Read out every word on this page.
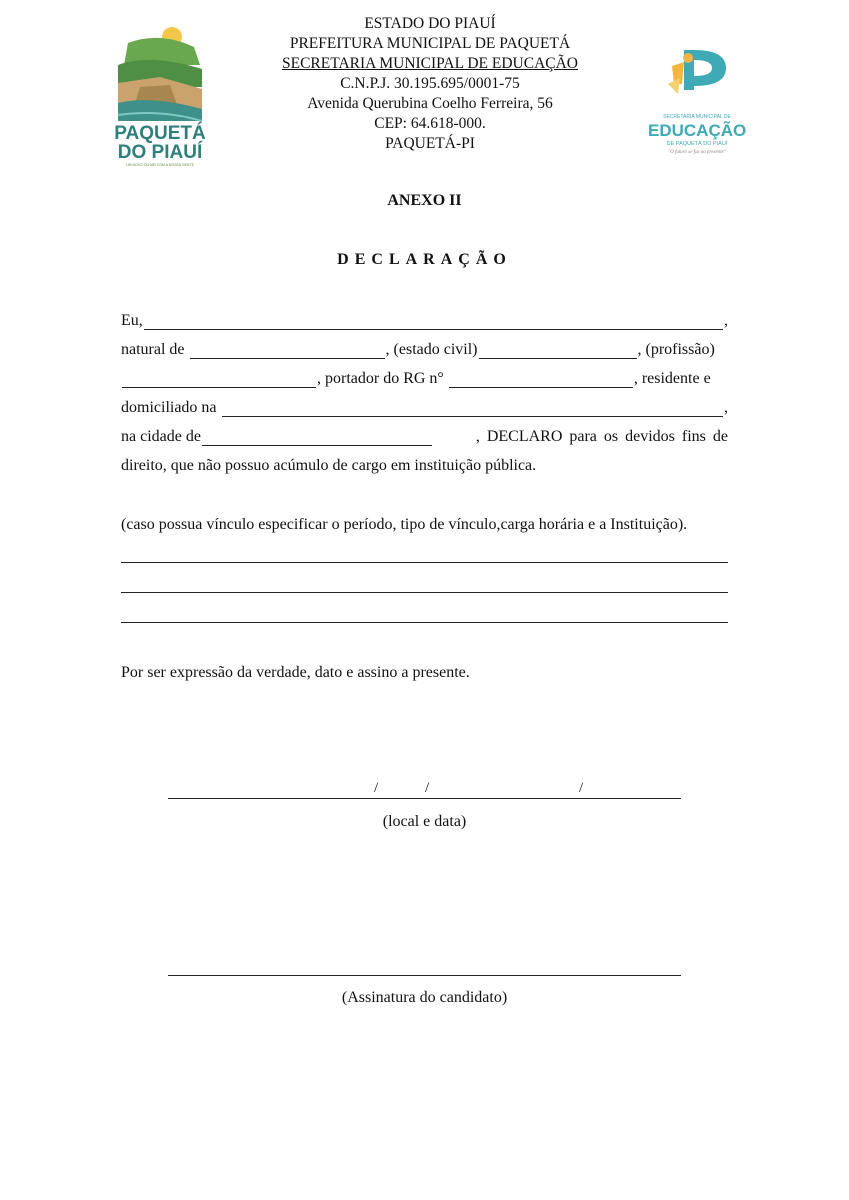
ESTADO DO PIAUÍ
PREFEITURA MUNICIPAL DE PAQUETÁ
SECRETARIA MUNICIPAL DE EDUCAÇÃO
C.N.P.J. 30.195.695/0001-75
Avenida Querubina Coelho Ferreira, 56
CEP: 64.618-000.
PAQUETÁ-PI
PREFEITURA DE
PAQUETÁ
DO PIAUÍ
UM NOVO OLHAR COM A NOSSA GENTE
SECRETARIA MUNICIPAL DE
EDUCAÇÃO
DE PAQUETÁ DO PIAUÍ
"O futuro se faz no presente"
ANEXO II
DECLARAÇÃO
Eu,	,
natural de	, (estado civil)	, (profissão)
, portador do RG n°	, residente e
domiciliado na	,
na cidade de	, DECLARO para os devidos fins de
direito, que não possuo acúmulo de cargo em instituição pública.
(caso possua vínculo especificar o período, tipo de vínculo,carga horária e a Instituição).
Por ser expressão da verdade, dato e assino a presente.
/	/	/
(local e data)
(Assinatura do candidato)
